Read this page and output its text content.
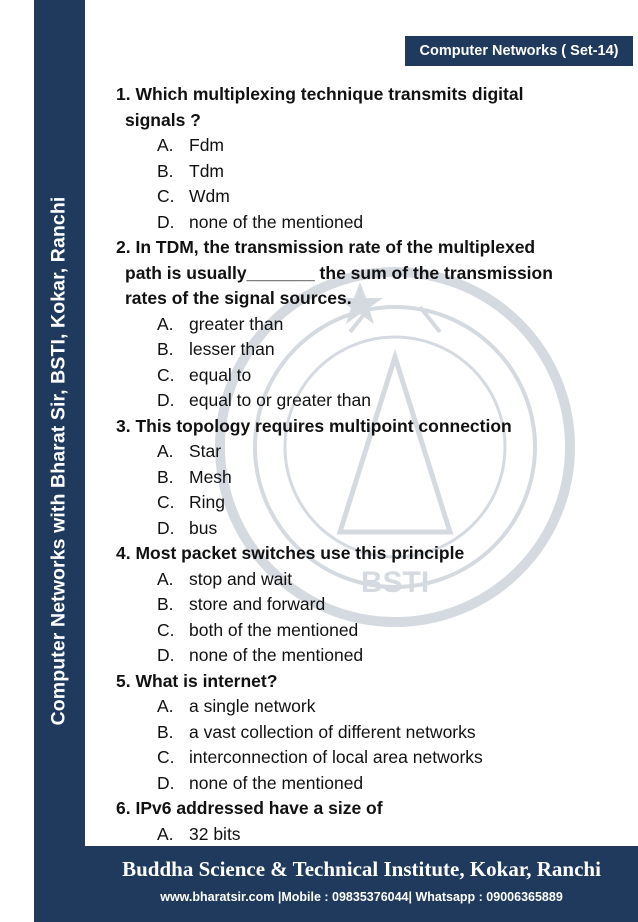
Computer Networks with Bharat Sir, BSTI, Kokar, Ranchi
Computer Networks ( Set-14)
BSTI
1. Which multiplexing technique transmits digital
signals ?
A. Fdm
B. Tdm
C. Wdm
D. none of the mentioned
2. In TDM, the transmission rate of the multiplexed
path is usually_______ the sum of the transmission
rates of the signal sources.
A. greater than
B. lesser than
C. equal to
D. equal to or greater than
3. This topology requires multipoint connection
A. Star
B. Mesh
C. Ring
D. bus
4. Most packet switches use this principle
A. stop and wait
B. store and forward
C. both of the mentioned
D. none of the mentioned
5. What is internet?
A. a single network
B. a vast collection of different networks
C. interconnection of local area networks
D. none of the mentioned
6. IPv6 addressed have a size of
A. 32 bits
Buddha Science & Technical Institute, Kokar, Ranchi
www.bharatsir.com |Mobile : 09835376044| Whatsapp : 09006365889
